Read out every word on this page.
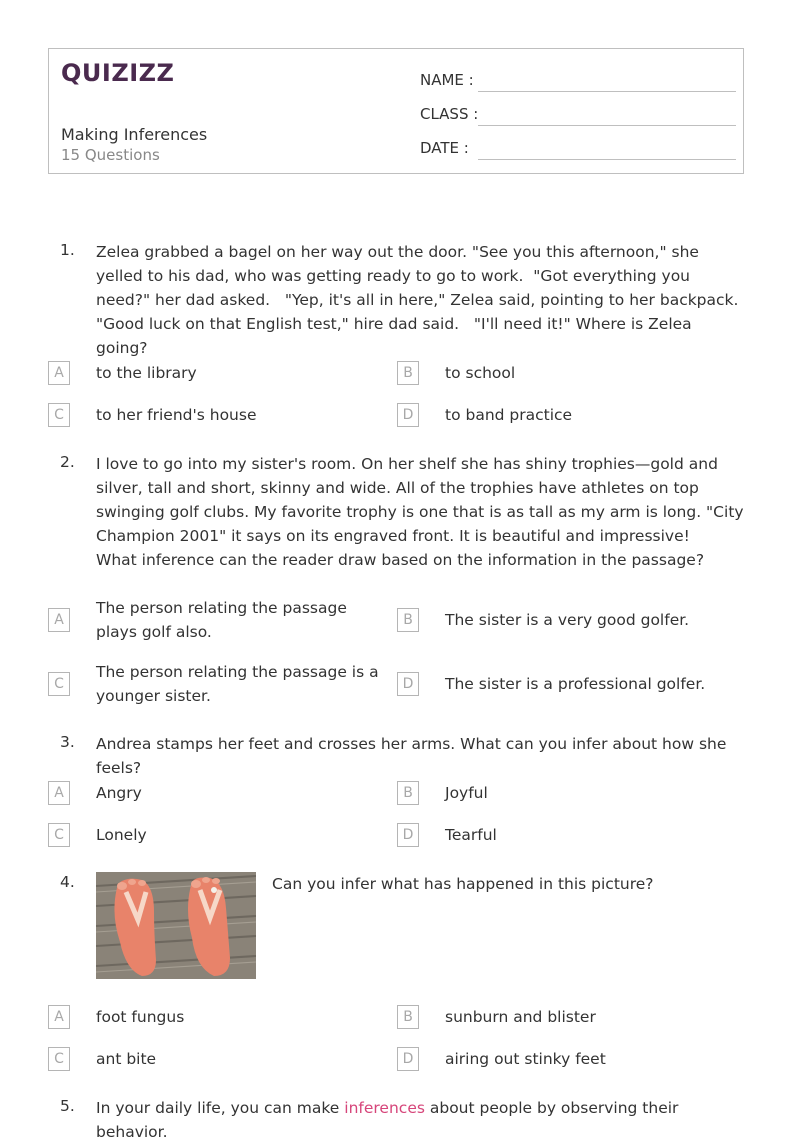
QUIZIZZ
Making Inferences
15 Questions
NAME :
CLASS :
DATE :
1. Zelea grabbed a bagel on her way out the door. "See you this afternoon," she yelled to his dad, who was getting ready to go to work.  "Got everything you need?" her dad asked.   "Yep, it's all in here," Zelea said, pointing to her backpack.   "Good luck on that English test," hire dad said.   "I'll need it!" Where is Zelea going?
A	to the library	B	to school
C	to her friend's house	D	to band practice
2. I love to go into my sister's room. On her shelf she has shiny trophies—gold and silver, tall and short, skinny and wide. All of the trophies have athletes on top swinging golf clubs. My favorite trophy is one that is as tall as my arm is long. "City Champion 2001" it says on its engraved front. It is beautiful and impressive!
What inference can the reader draw based on the information in the passage?
A
The person relating the passage plays golf also.
B	The sister is a very good golfer.
C
The person relating the passage is a younger sister.
D	The sister is a professional golfer.
3. Andrea stamps her feet and crosses her arms. What can you infer about how she feels?
A	Angry	B	Joyful
C	Lonely	D	Tearful
4.	Can you infer what has happened in this picture?
A	foot fungus	B	sunburn and blister
C	ant bite	D	airing out stinky feet
5. In your daily life, you can make inferences about people by observing their behavior.
